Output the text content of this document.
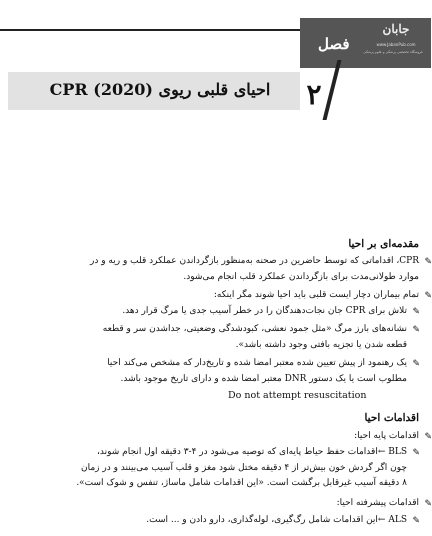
فصل
جابان
www.JabanPub.com
فروشگاه تخصصی پزشکی و علوم پزشکی
۲
احیای قلبی ریوی CPR (2020)
مقدمه‌ای بر احیا
✎
CPR، اقداماتی که توسط حاضرین در صحنه به‌منظور بازگرداندن عملکرد قلب و ریه و در
موارد طولانی‌مدت برای بازگرداندن عملکرد قلب انجام می‌شود.
✎
تمام بیماران دچار ایست قلبی باید احیا شوند مگر اینکه:
✎
تلاش برای CPR جان نجات‌دهندگان را در خطر آسیب جدی یا مرگ قرار دهد.
✎
نشانه‌های بارز مرگ «مثل جمود نعشی، کبودشدگی وضعیتی، جداشدن سر و قطعه
قطعه شدن یا تجزیه بافتی وجود داشته باشد».
✎
یک رهنمود از پیش تعیین شده معتبر امضا شده و تاریخ‌دار که مشخص می‌کند احیا
مطلوب است یا یک دستور DNR معتبر امضا شده و دارای تاریخ موجود باشد.
Do not attempt resuscitation
اقدامات احیا
✎
اقدامات پایه احیا:
✎
BLS ←اقدامات حفظ حیاط پایه‌ای که توصیه می‌شود در ۴-۳ دقیقه اول انجام شوند،
چون اگر گردش خون بیش‌تر از ۴ دقیقه مختل شود مغز و قلب آسیب می‌بینند و در زمان
۸ دقیقه آسیب غیرقابل برگشت است. «این اقدامات شامل ماساژ، تنفس و شوک است».
✎
اقدامات پیشرفته احیا:
✎
ALS ←این اقدامات شامل رگ‌گیری، لوله‌گذاری، دارو دادن و ... است.
